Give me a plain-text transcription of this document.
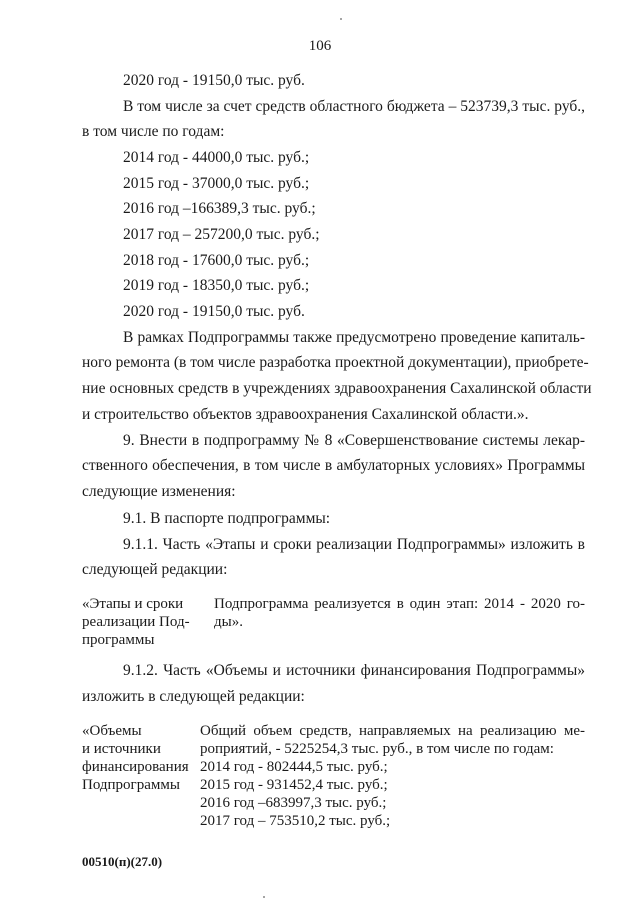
106
2020 год - 19150,0 тыс. руб.
В том числе за счет средств областного бюджета – 523739,3 тыс. руб.,
в том числе по годам:
2014 год - 44000,0 тыс. руб.;
2015 год - 37000,0 тыс. руб.;
2016 год –166389,3 тыс. руб.;
2017 год – 257200,0 тыс. руб.;
2018 год - 17600,0 тыс. руб.;
2019 год - 18350,0 тыс. руб.;
2020 год - 19150,0 тыс. руб.
В рамках Подпрограммы также предусмотрено проведение капиталь-
ного ремонта (в том числе разработка проектной документации), приобрете-
ние основных средств в учреждениях здравоохранения Сахалинской области
и строительство объектов здравоохранения Сахалинской области.».
9. Внести в подпрограмму № 8 «Совершенствование системы лекар-
ственного обеспечения, в том числе в амбулаторных условиях» Программы
следующие изменения:
9.1. В паспорте подпрограммы:
9.1.1. Часть «Этапы и сроки реализации Подпрограммы» изложить в
следующей редакции:
«Этапы и сроки
реализации Под-
программы
Подпрограмма реализуется в один этап: 2014 - 2020 го-
ды».
9.1.2. Часть «Объемы и источники финансирования Подпрограммы»
изложить в следующей редакции:
«Объемы
и источники
финансирования
Подпрограммы
Общий объем средств, направляемых на реализацию ме-
роприятий, - 5225254,3 тыс. руб., в том числе по годам:
2014 год - 802444,5 тыс. руб.;
2015 год - 931452,4 тыс. руб.;
2016 год –683997,3 тыс. руб.;
2017 год – 753510,2 тыс. руб.;
00510(п)(27.0)
